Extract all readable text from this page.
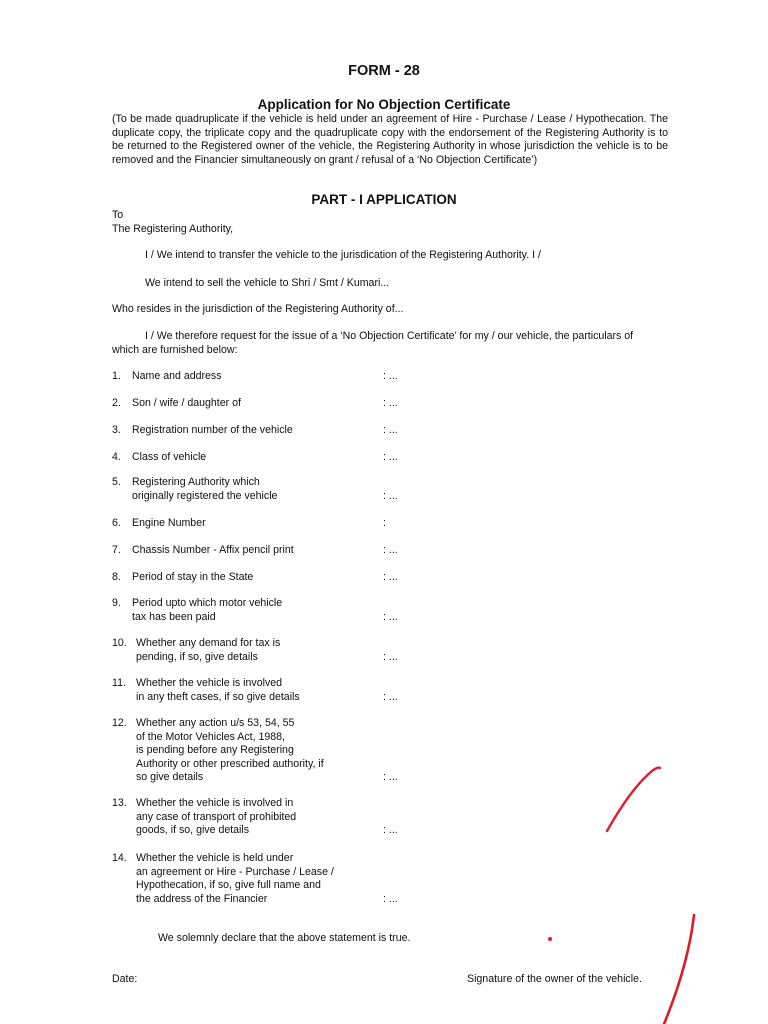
FORM - 28
Application for No Objection Certificate
(To be made quadruplicate if the vehicle is held under an agreement of Hire - Purchase / Lease / Hypothecation. The duplicate copy, the triplicate copy and the quadruplicate copy with the endorsement of the Registering Authority is to be returned to the Registered owner of the vehicle, the Registering Authority in whose jurisdiction the vehicle is to be removed and the Financier simultaneously on grant / refusal of a ‘No Objection Certificate’)
PART - I APPLICATION
To
The Registering Authority,
I / We intend to transfer the vehicle to the jurisdication of the Registering Authority. I /
We intend to sell the vehicle to Shri / Smt / Kumari...
Who resides in the jurisdiction of the Registering Authority of...
I / We therefore request for the issue of a ‘No Objection Certificate’ for my / our vehicle, the particulars of
which are furnished below:
1. Name and address	: ...
2. Son / wife / daughter of	: ...
3. Registration number of the vehicle	: ...
4. Class of vehicle	: ...
5. Registering Authority which
originally registered the vehicle	: ...
6. Engine Number	:
7. Chassis Number - Affix pencil print	: ...
8. Period of stay in the State	: ...
9. Period upto which motor vehicle
tax has been paid	: ...
10. Whether any demand for tax is
pending, if so, give details	: ...
11. Whether the vehicle is involved
in any theft cases, if so give details	: ...
12. Whether any action u/s 53, 54, 55
of the Motor Vehicles Act, 1988,
is pending before any Registering
Authority or other prescribed authority, if
so give details	: ...
13. Whether the vehicle is involved in
any case of transport of prohibited
goods, if so, give details	: ...
14. Whether the vehicle is held under
an agreement or Hire - Purchase / Lease /
Hypothecation, if so, give full name and
the address of the Financier	: ...
We solemnly declare that the above statement is true.
Date:	Signature of the owner of the vehicle.
